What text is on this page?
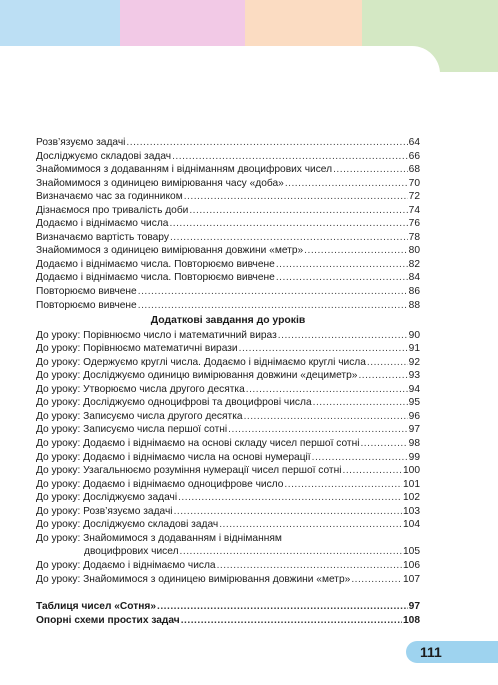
Розв’язуємо задачі .....	64
Досліджуємо складові задач .....	66
Знайомимося з додаванням і відніманням двоцифрових чисел .....	68
Знайомимося з одиницею вимірювання часу «доба» .....	70
Визначаємо час за годинником .....	72
Дізнаємося про тривалість доби .....	74
Додаємо і віднімаємо числа .....	76
Визначаємо вартість товару .....	78
Знайомимося з одиницею вимірювання довжини «метр» .....	80
Додаємо і віднімаємо числа. Повторюємо вивчене .....	82
Додаємо і віднімаємо числа. Повторюємо вивчене .....	84
Повторюємо вивчене .....	86
Повторюємо вивчене .....	88
Додаткові завдання до уроків
До уроку: Порівнюємо число і математичний вираз .....	90
До уроку: Порівнюємо математичні вирази .....	91
До уроку: Одержуємо круглі числа. Додаємо і віднімаємо круглі числа .....	92
До уроку: Досліджуємо одиницю вимірювання довжини «дециметр» .....	93
До уроку: Утворюємо числа другого десятка .....	94
До уроку: Досліджуємо одноцифрові та двоцифрові числа .....	95
До уроку: Записуємо числа другого десятка .....	96
До уроку: Записуємо числа першої сотні .....	97
До уроку: Додаємо і віднімаємо на основі складу чисел першої сотні .....	98
До уроку: Додаємо і віднімаємо числа на основі нумерації .....	99
До уроку: Узагальнюємо розуміння нумерації чисел першої сотні .....	100
До уроку: Додаємо і віднімаємо одноцифрове число .....	101
До уроку: Досліджуємо задачі .....	102
До уроку: Розв’язуємо задачі .....	103
До уроку: Досліджуємо складові задач .....	104
До уроку: Знайомимося з додаванням і відніманням
двоцифрових чисел .....	105
До уроку: Додаємо і віднімаємо числа .....	106
До уроку: Знайомимося з одиницею вимірювання довжини «метр» .....	107
Таблиця чисел «Сотня» .....	97
Опорні схеми простих задач .....	108
111
